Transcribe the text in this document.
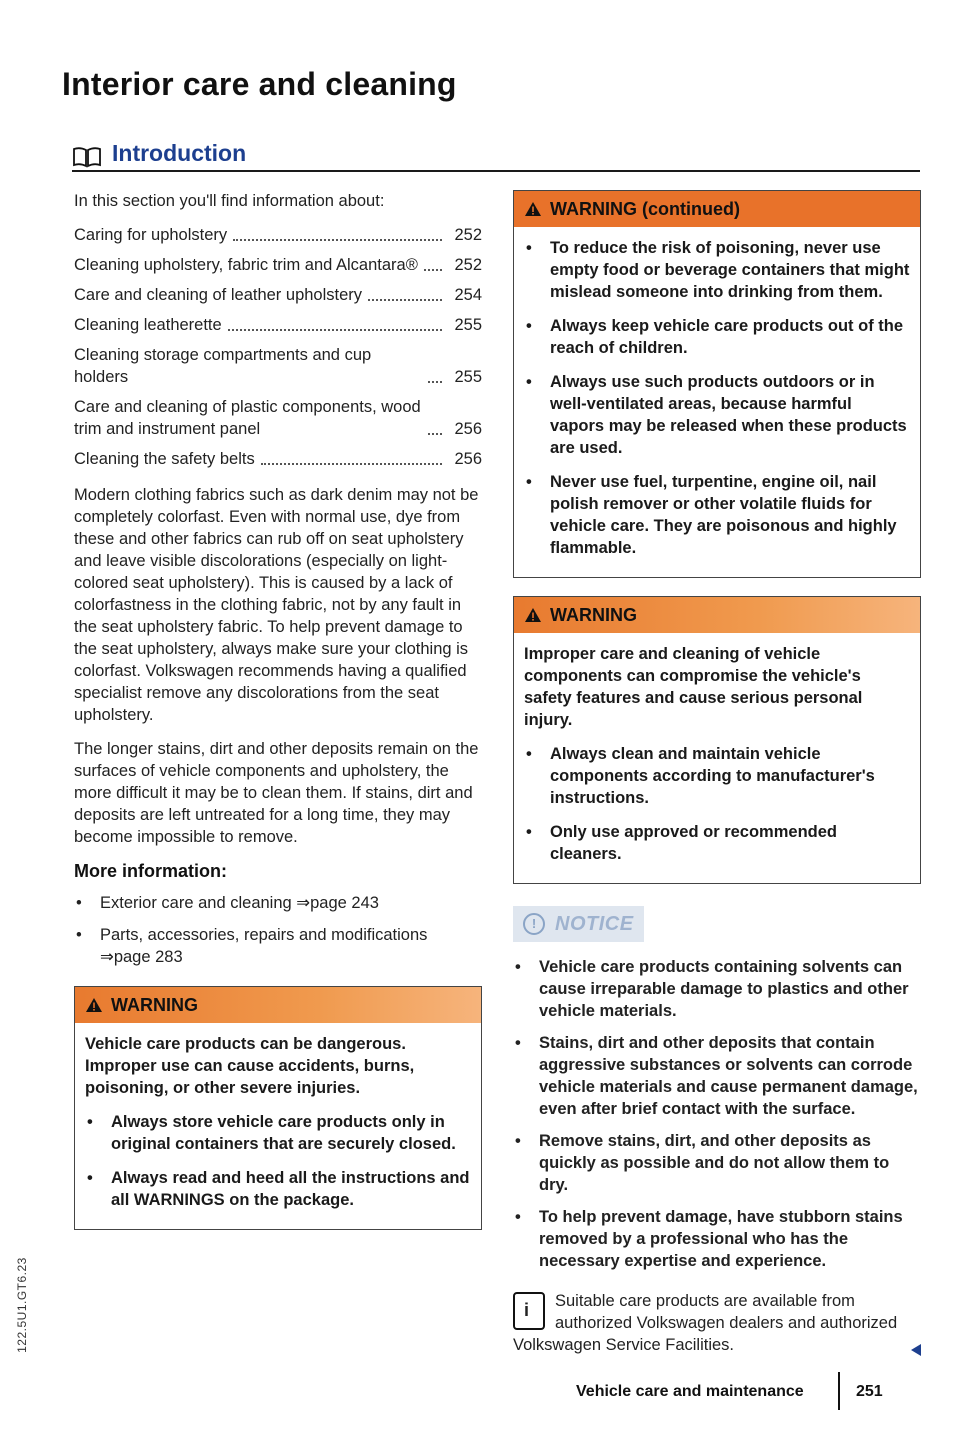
Interior care and cleaning
Introduction

In this section you'll find information about:

Caring for upholstery	252
Cleaning upholstery, fabric trim and Alcantara®	252
Care and cleaning of leather upholstery	254
Cleaning leatherette	255
Cleaning storage compartments and cup holders	255
Care and cleaning of plastic components, wood trim and instrument panel	256
Cleaning the safety belts	256

Modern clothing fabrics such as dark denim may not be completely colorfast. Even with normal use, dye from these and other fabrics can rub off on seat upholstery and leave visible discolorations (especially on light-colored seat upholstery). This is caused by a lack of colorfastness in the clothing fabric, not by any fault in the seat upholstery fabric. To help prevent damage to the seat upholstery, always make sure your clothing is colorfast. Volkswagen recommends having a qualified specialist remove any discolorations from the seat upholstery.

The longer stains, dirt and other deposits remain on the surfaces of vehicle components and upholstery, the more difficult it may be to clean them. If stains, dirt and deposits are left untreated for a long time, they may become impossible to remove.

More information:
• Exterior care and cleaning ⇒page 243
• Parts, accessories, repairs and modifications ⇒page 283
WARNING

Vehicle care products can be dangerous. Improper use can cause accidents, burns, poisoning, or other severe injuries.

• Always store vehicle care products only in original containers that are securely closed.
• Always read and heed all the instructions and all WARNINGS on the package.
WARNING (continued)
• To reduce the risk of poisoning, never use empty food or beverage containers that might mislead someone into drinking from them.
• Always keep vehicle care products out of the reach of children.
• Always use such products outdoors or in well-ventilated areas, because harmful vapors may be released when these products are used.
• Never use fuel, turpentine, engine oil, nail polish remover or other volatile fluids for vehicle care. They are poisonous and highly flammable.
WARNING

Improper care and cleaning of vehicle components can compromise the vehicle's safety features and cause serious personal injury.

• Always clean and maintain vehicle components according to manufacturer's instructions.
• Only use approved or recommended cleaners.
! NOTICE
• Vehicle care products containing solvents can cause irreparable damage to plastics and other vehicle materials.
• Stains, dirt and other deposits that contain aggressive substances or solvents can corrode vehicle materials and cause permanent damage, even after brief contact with the surface.
• Remove stains, dirt, and other deposits as quickly as possible and do not allow them to dry.
• To help prevent damage, have stubborn stains removed by a professional who has the necessary expertise and experience.
i Suitable care products are available from authorized Volkswagen dealers and authorized Volkswagen Service Facilities.
Vehicle care and maintenance	251
122.5U1.GT6.23
